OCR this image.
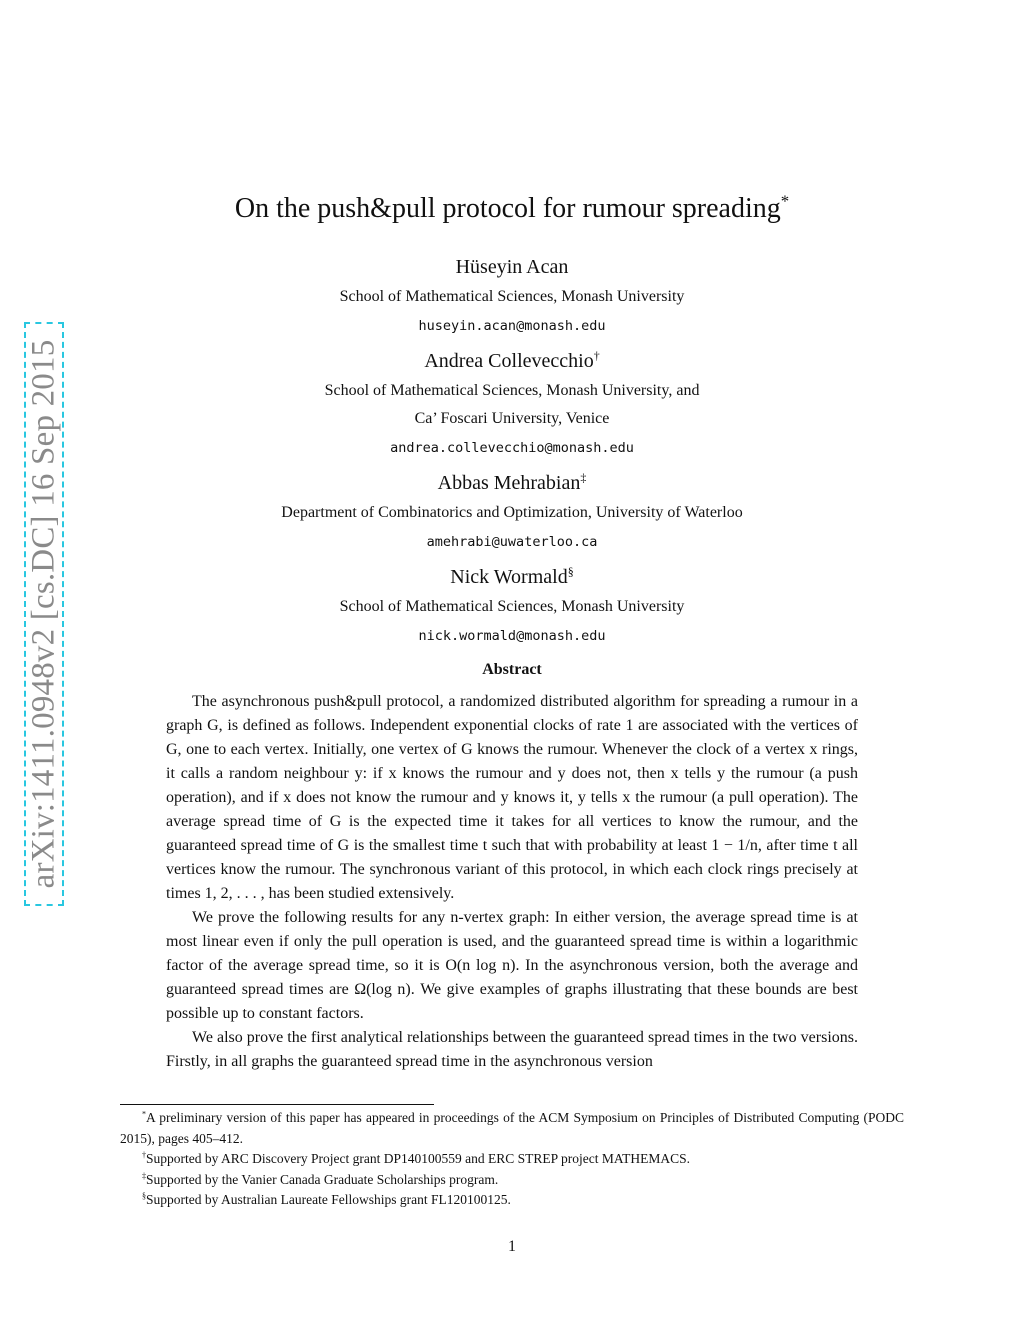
arXiv:1411.0948v2 [cs.DC] 16 Sep 2015
On the push&pull protocol for rumour spreading*
Hüseyin Acan
School of Mathematical Sciences, Monash University
huseyin.acan@monash.edu
Andrea Collevecchio†
School of Mathematical Sciences, Monash University, and
Ca’ Foscari University, Venice
andrea.collevecchio@monash.edu
Abbas Mehrabian‡
Department of Combinatorics and Optimization, University of Waterloo
amehrabi@uwaterloo.ca
Nick Wormald§
School of Mathematical Sciences, Monash University
nick.wormald@monash.edu
Abstract

The asynchronous push&pull protocol, a randomized distributed algorithm for spreading a rumour in a graph G, is defined as follows. Independent exponential clocks of rate 1 are associated with the vertices of G, one to each vertex. Initially, one vertex of G knows the rumour. Whenever the clock of a vertex x rings, it calls a random neighbour y: if x knows the rumour and y does not, then x tells y the rumour (a push operation), and if x does not know the rumour and y knows it, y tells x the rumour (a pull operation). The average spread time of G is the expected time it takes for all vertices to know the rumour, and the guaranteed spread time of G is the smallest time t such that with probability at least 1 − 1/n, after time t all vertices know the rumour. The synchronous variant of this protocol, in which each clock rings precisely at times 1, 2, . . . , has been studied extensively.

We prove the following results for any n-vertex graph: In either version, the average spread time is at most linear even if only the pull operation is used, and the guaranteed spread time is within a logarithmic factor of the average spread time, so it is O(n log n). In the asynchronous version, both the average and guaranteed spread times are Ω(log n). We give examples of graphs illustrating that these bounds are best possible up to constant factors.

We also prove the first analytical relationships between the guaranteed spread times in the two versions. Firstly, in all graphs the guaranteed spread time in the asynchronous version

*A preliminary version of this paper has appeared in proceedings of the ACM Symposium on Principles of Distributed Computing (PODC 2015), pages 405–412.

†Supported by ARC Discovery Project grant DP140100559 and ERC STREP project MATHEMACS.

‡Supported by the Vanier Canada Graduate Scholarships program.

§Supported by Australian Laureate Fellowships grant FL120100125.

1
